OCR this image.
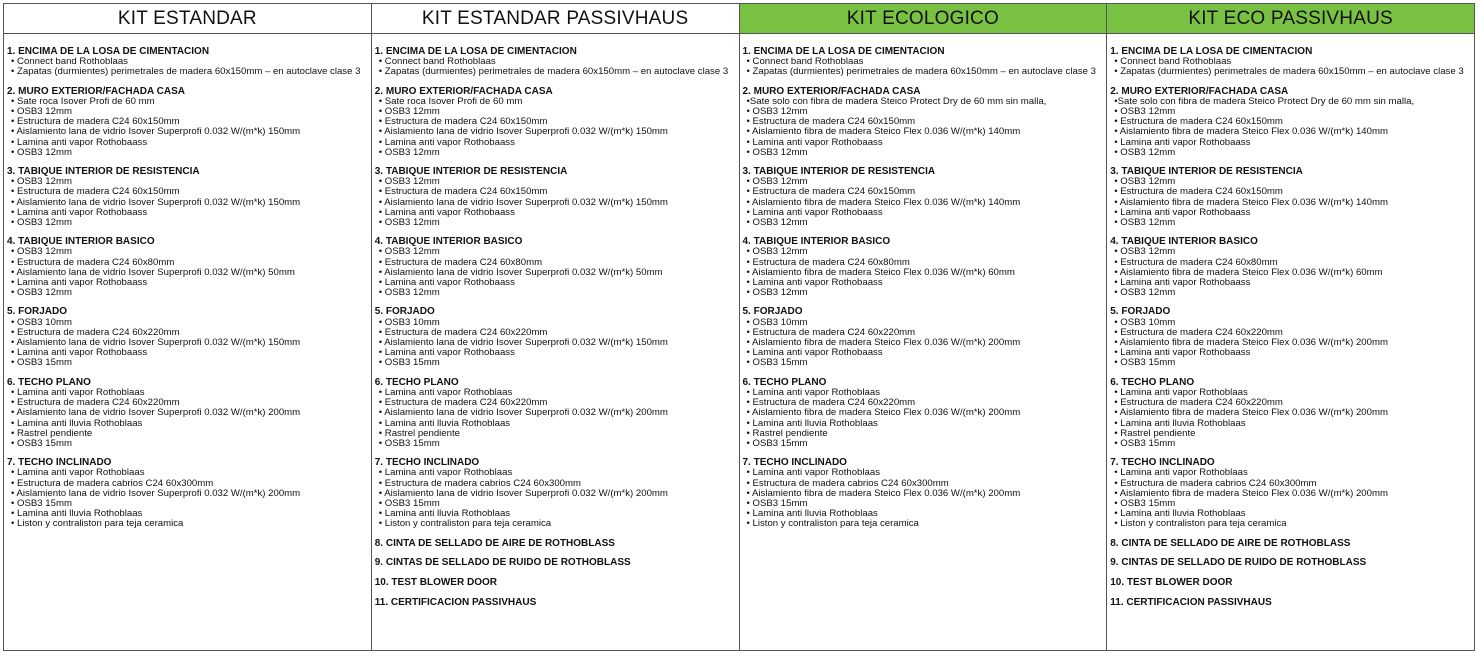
KIT ESTANDAR
1. ENCIMA DE LA LOSA DE CIMENTACION
• Connect band Rothoblaas
• Zapatas (durmientes) perimetrales de madera 60x150mm – en autoclave clase 3
2. MURO EXTERIOR/FACHADA CASA
• Sate roca Isover Profi de 60 mm
• OSB3 12mm
• Estructura de madera C24 60x150mm
• Aislamiento lana de vidrio Isover Superprofi 0.032 W/(m*k) 150mm
• Lamina anti vapor Rothobaass
• OSB3 12mm
3. TABIQUE INTERIOR DE RESISTENCIA
• OSB3 12mm
• Estructura de madera C24 60x150mm
• Aislamiento lana de vidrio Isover Superprofi 0.032 W/(m*k) 150mm
• Lamina anti vapor Rothobaass
• OSB3 12mm
4. TABIQUE INTERIOR BASICO
• OSB3 12mm
• Estructura de madera C24 60x80mm
• Aislamiento lana de vidrio Isover Superprofi 0.032 W/(m*k) 50mm
• Lamina anti vapor Rothobaass
• OSB3 12mm
5. FORJADO
• OSB3 10mm
• Estructura de madera C24 60x220mm
• Aislamiento lana de vidrio Isover Superprofi 0.032 W/(m*k) 150mm
• Lamina anti vapor Rothobaass
• OSB3 15mm
6. TECHO PLANO
• Lamina anti vapor Rothoblaas
• Estructura de madera C24 60x220mm
• Aislamiento lana de vidrio Isover Superprofi 0.032 W/(m*k) 200mm
• Lamina anti lluvia Rothoblaas
• Rastrel pendiente
• OSB3 15mm
7. TECHO INCLINADO
• Lamina anti vapor Rothoblaas
• Estructura de madera cabrios C24 60x300mm
• Aislamiento lana de vidrio Isover Superprofi 0.032 W/(m*k) 200mm
• OSB3 15mm
• Lamina anti lluvia Rothoblaas
• Liston y contraliston para teja ceramica
KIT ESTANDAR PASSIVHAUS
1. ENCIMA DE LA LOSA DE CIMENTACION
• Connect band Rothoblaas
• Zapatas (durmientes) perimetrales de madera 60x150mm – en autoclave clase 3
2. MURO EXTERIOR/FACHADA CASA
• Sate roca Isover Profi de 60 mm
• OSB3 12mm
• Estructura de madera C24 60x150mm
• Aislamiento lana de vidrio Isover Superprofi 0.032 W/(m*k) 150mm
• Lamina anti vapor Rothobaass
• OSB3 12mm
3. TABIQUE INTERIOR DE RESISTENCIA
• OSB3 12mm
• Estructura de madera C24 60x150mm
• Aislamiento lana de vidrio Isover Superprofi 0.032 W/(m*k) 150mm
• Lamina anti vapor Rothobaass
• OSB3 12mm
4. TABIQUE INTERIOR BASICO
• OSB3 12mm
• Estructura de madera C24 60x80mm
• Aislamiento lana de vidrio Isover Superprofi 0.032 W/(m*k) 50mm
• Lamina anti vapor Rothobaass
• OSB3 12mm
5. FORJADO
• OSB3 10mm
• Estructura de madera C24 60x220mm
• Aislamiento lana de vidrio Isover Superprofi 0.032 W/(m*k) 150mm
• Lamina anti vapor Rothobaass
• OSB3 15mm
6. TECHO PLANO
• Lamina anti vapor Rothoblaas
• Estructura de madera C24 60x220mm
• Aislamiento lana de vidrio Isover Superprofi 0.032 W/(m*k) 200mm
• Lamina anti lluvia Rothoblaas
• Rastrel pendiente
• OSB3 15mm
7. TECHO INCLINADO
• Lamina anti vapor Rothoblaas
• Estructura de madera cabrios C24 60x300mm
• Aislamiento lana de vidrio Isover Superprofi 0.032 W/(m*k) 200mm
• OSB3 15mm
• Lamina anti lluvia Rothoblaas
• Liston y contraliston para teja ceramica
8. CINTA DE SELLADO DE AIRE DE ROTHOBLASS
9. CINTAS DE SELLADO DE RUIDO DE ROTHOBLASS
10. TEST BLOWER DOOR
11. CERTIFICACION PASSIVHAUS
KIT ECOLOGICO
1. ENCIMA DE LA LOSA DE CIMENTACION
• Connect band Rothoblaas
• Zapatas (durmientes) perimetrales de madera 60x150mm – en autoclave clase 3
2. MURO EXTERIOR/FACHADA CASA
•Sate solo con fibra de madera Steico Protect Dry de 60 mm sin malla,
• OSB3 12mm
• Estructura de madera C24 60x150mm
• Aislamiento fibra de madera Steico Flex 0.036 W/(m*k) 140mm
• Lamina anti vapor Rothobaass
• OSB3 12mm
3. TABIQUE INTERIOR DE RESISTENCIA
• OSB3 12mm
• Estructura de madera C24 60x150mm
• Aislamiento fibra de madera Steico Flex 0.036 W/(m*k) 140mm
• Lamina anti vapor Rothobaass
• OSB3 12mm
4. TABIQUE INTERIOR BASICO
• OSB3 12mm
• Estructura de madera C24 60x80mm
• Aislamiento fibra de madera Steico Flex 0.036 W/(m*k) 60mm
• Lamina anti vapor Rothobaass
• OSB3 12mm
5. FORJADO
• OSB3 10mm
• Estructura de madera C24 60x220mm
• Aislamiento fibra de madera Steico Flex 0.036 W/(m*k) 200mm
• Lamina anti vapor Rothobaass
• OSB3 15mm
6. TECHO PLANO
• Lamina anti vapor Rothoblaas
• Estructura de madera C24 60x220mm
• Aislamiento fibra de madera Steico Flex 0.036 W/(m*k) 200mm
• Lamina anti lluvia Rothoblaas
• Rastrel pendiente
• OSB3 15mm
7. TECHO INCLINADO
• Lamina anti vapor Rothoblaas
• Estructura de madera cabrios C24 60x300mm
• Aislamiento fibra de madera Steico Flex 0.036 W/(m*k) 200mm
• OSB3 15mm
• Lamina anti lluvia Rothoblaas
• Liston y contraliston para teja ceramica
KIT ECO PASSIVHAUS
1. ENCIMA DE LA LOSA DE CIMENTACION
• Connect band Rothoblaas
• Zapatas (durmientes) perimetrales de madera 60x150mm – en autoclave clase 3
2. MURO EXTERIOR/FACHADA CASA
•Sate solo con fibra de madera Steico Protect Dry de 60 mm sin malla,
• OSB3 12mm
• Estructura de madera C24 60x150mm
• Aislamiento fibra de madera Steico Flex 0.036 W/(m*k) 140mm
• Lamina anti vapor Rothobaass
• OSB3 12mm
3. TABIQUE INTERIOR DE RESISTENCIA
• OSB3 12mm
• Estructura de madera C24 60x150mm
• Aislamiento fibra de madera Steico Flex 0.036 W/(m*k) 140mm
• Lamina anti vapor Rothobaass
• OSB3 12mm
4. TABIQUE INTERIOR BASICO
• OSB3 12mm
• Estructura de madera C24 60x80mm
• Aislamiento fibra de madera Steico Flex 0.036 W/(m*k) 60mm
• Lamina anti vapor Rothobaass
• OSB3 12mm
5. FORJADO
• OSB3 10mm
• Estructura de madera C24 60x220mm
• Aislamiento fibra de madera Steico Flex 0.036 W/(m*k) 200mm
• Lamina anti vapor Rothobaass
• OSB3 15mm
6. TECHO PLANO
• Lamina anti vapor Rothoblaas
• Estructura de madera C24 60x220mm
• Aislamiento fibra de madera Steico Flex 0.036 W/(m*k) 200mm
• Lamina anti lluvia Rothoblaas
• Rastrel pendiente
• OSB3 15mm
7. TECHO INCLINADO
• Lamina anti vapor Rothoblaas
• Estructura de madera cabrios C24 60x300mm
• Aislamiento fibra de madera Steico Flex 0.036 W/(m*k) 200mm
• OSB3 15mm
• Lamina anti lluvia Rothoblaas
• Liston y contraliston para teja ceramica
8. CINTA DE SELLADO DE AIRE DE ROTHOBLASS
9. CINTAS DE SELLADO DE RUIDO DE ROTHOBLASS
10. TEST BLOWER DOOR
11. CERTIFICACION PASSIVHAUS
